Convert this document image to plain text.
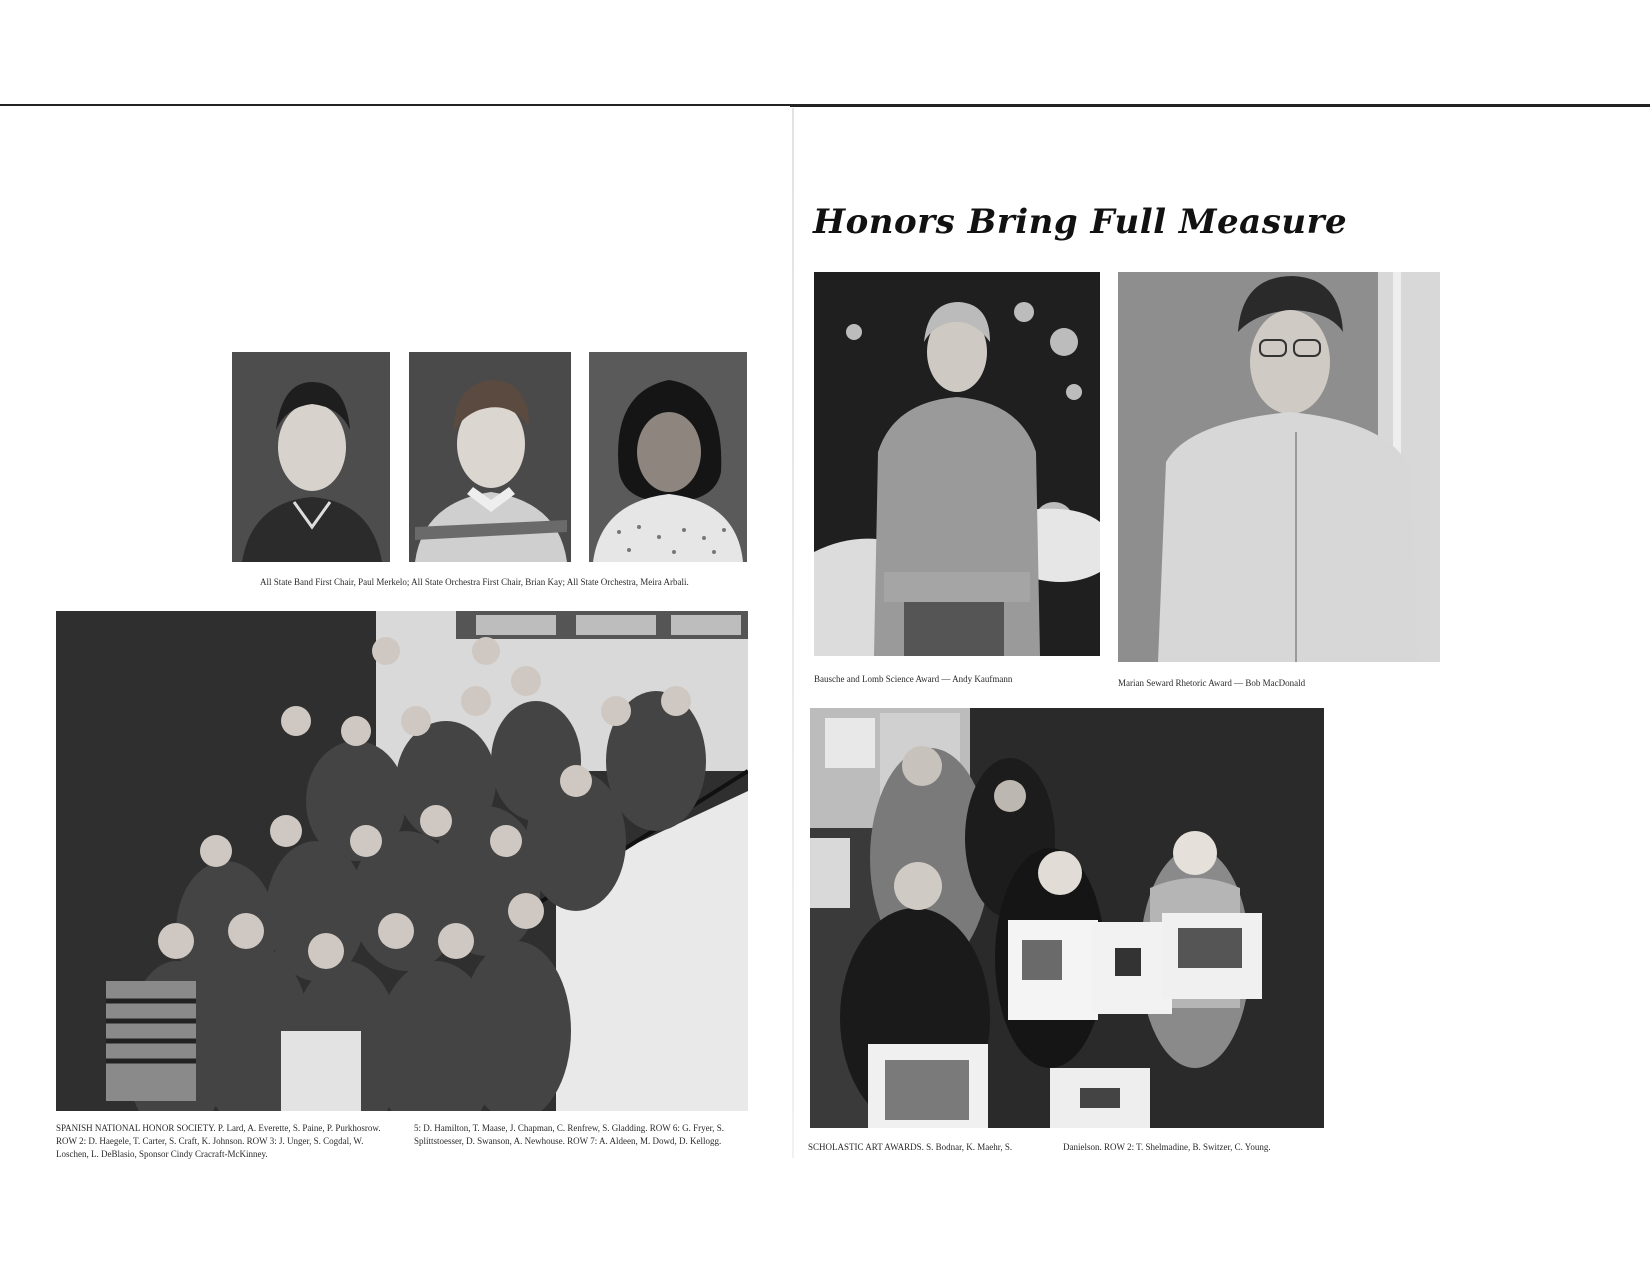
All State Band First Chair, Paul Merkelo; All State Orchestra First Chair, Brian Kay; All State Orchestra, Meira Arbali.
SPANISH NATIONAL HONOR SOCIETY. P. Lard, A. Everette, S. Paine, P. Purkhosrow. ROW 2: D. Haegele, T. Carter, S. Craft, K. Johnson. ROW 3: J. Unger, S. Cogdal, W. Loschen, L. DeBlasio, Sponsor Cindy Cracraft-McKinney.
5: D. Hamilton, T. Maase, J. Chapman, C. Renfrew, S. Gladding. ROW 6: G. Fryer, S. Splittstoesser, D. Swanson, A. Newhouse. ROW 7: A. Aldeen, M. Dowd, D. Kellogg.
Honors Bring Full Measure
Bausche and Lomb Science Award — Andy Kaufmann	Marian Seward Rhetoric Award — Bob MacDonald
SCHOLASTIC ART AWARDS. S. Bodnar, K. Maehr, S.	Danielson. ROW 2: T. Shelmadine, B. Switzer, C. Young.
